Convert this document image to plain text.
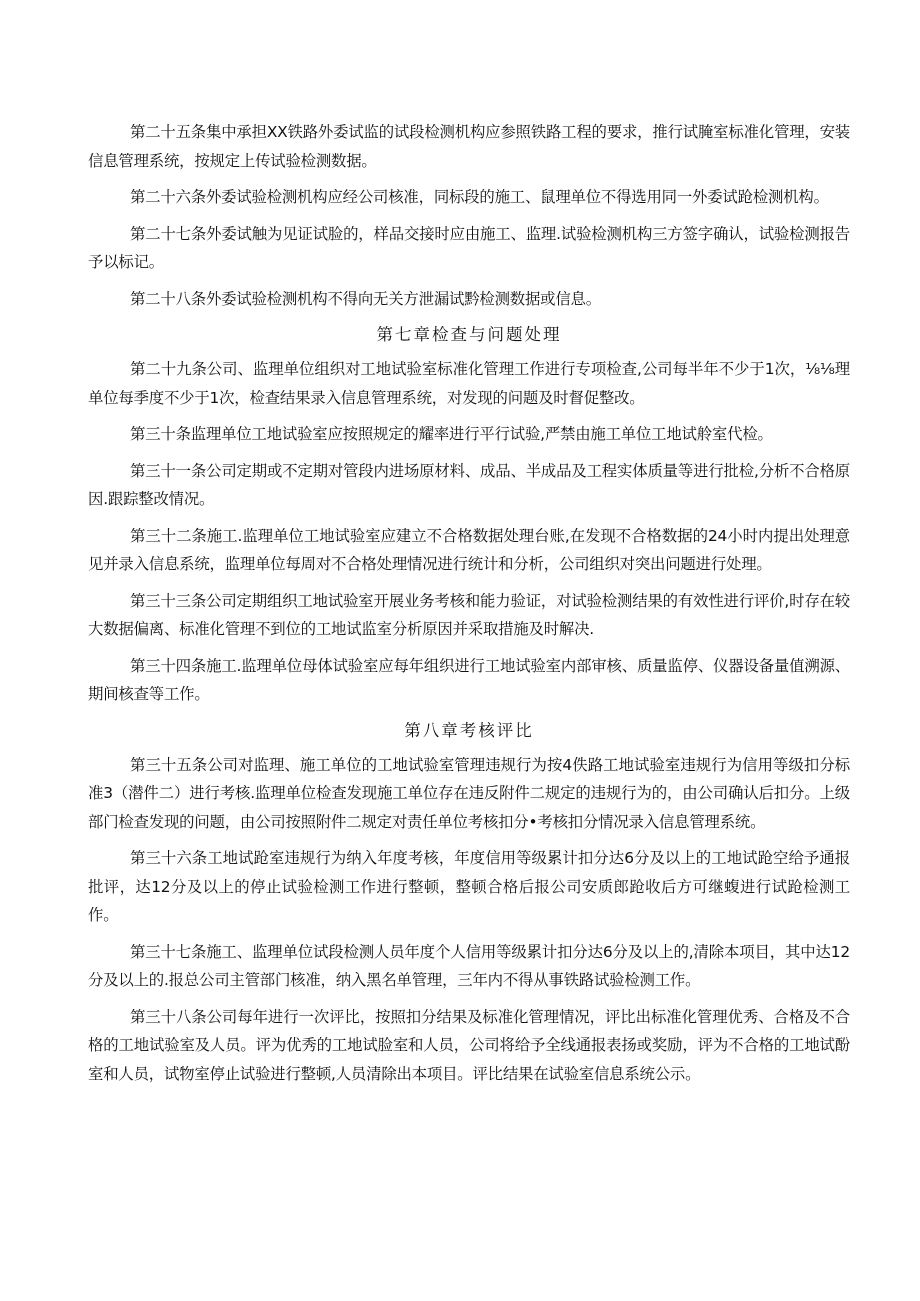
第二十五条集中承担XX铁路外委试监的试段检测机构应参照铁路工程的要求，推行试腌室标准化管理，安装信息管理系统，按规定上传试验检测数据。

第二十六条外委试验检测机构应经公司核准，同标段的施工、鼠理单位不得选用同一外委试跄检测机构。

第二十七条外委试触为见证试脸的，样品交接时应由施工、监理.试验检测机构三方签字确认，试验检测报告予以标记。

第二十八条外委试验检测机构不得向无关方泄漏试黔检测数据或信息。

第七章检查与问题处理

第二十九条公司、监理单位组织对工地试验室标准化管理工作进行专项检查,公司每半年不少于1次，⅛⅛理单位每季度不少于1次，检查结果录入信息管理系统，对发现的问题及时督促整改。

第三十条监理单位工地试验室应按照规定的耀率进行平行试验,严禁由施工单位工地试舲室代检。

第三十一条公司定期或不定期对管段内进场原材料、成品、半成品及工程实体质量等进行批检,分析不合格原因.跟踪整改情况。

第三十二条施工.监理单位工地试验室应建立不合格数据处理台账,在发现不合格数据的24小时内提出处理意见并录入信息系统，监理单位每周对不合格处理情况进行统计和分析，公司组织对突出问题进行处理。

第三十三条公司定期组织工地试验室开展业务考核和能力验证，对试验检测结果的有效性进行评价,时存在较大数据偏离、标准化管理不到位的工地试监室分析原因并采取措施及时解决.

第三十四条施工.监理单位母体试验室应每年组织进行工地试验室内部审核、质量监停、仪器设备量值溯源、期间核查等工作。

第八章考核评比

第三十五条公司对监理、施工单位的工地试验室管理违规行为按4佚路工地试验室违规行为信用等级扣分标准3（潜件二）进行考核.监理单位检查发现施工单位存在违反附件二规定的违规行为的，由公司确认后扣分。上级部门检查发现的问题，由公司按照附件二规定对责任单位考核扣分•考核扣分情况录入信息管理系统。

第三十六条工地试跄室违规行为纳入年度考核，年度信用等级累计扣分达6分及以上的工地试跄空给予通报批评，达12分及以上的停止试验检测工作进行整顿，整顿合格后报公司安质郎跄收后方可继蝮进行试跄检测工作。

第三十七条施工、监理单位试段检测人员年度个人信用等级累计扣分达6分及以上的,清除本项目，其中达12分及以上的.报总公司主管部门核准，纳入黑名单管理，三年内不得从事铁路试验检测工作。

第三十八条公司每年进行一次评比，按照扣分结果及标准化管理情况，评比出标准化管理优秀、合格及不合格的工地试验室及人员。评为优秀的工地试脸室和人员，公司将给予全线通报表扬或奖励，评为不合格的工地试酚室和人员，试物室停止试验进行整顿,人员清除出本项目。评比结果在试验室信息系统公示。
